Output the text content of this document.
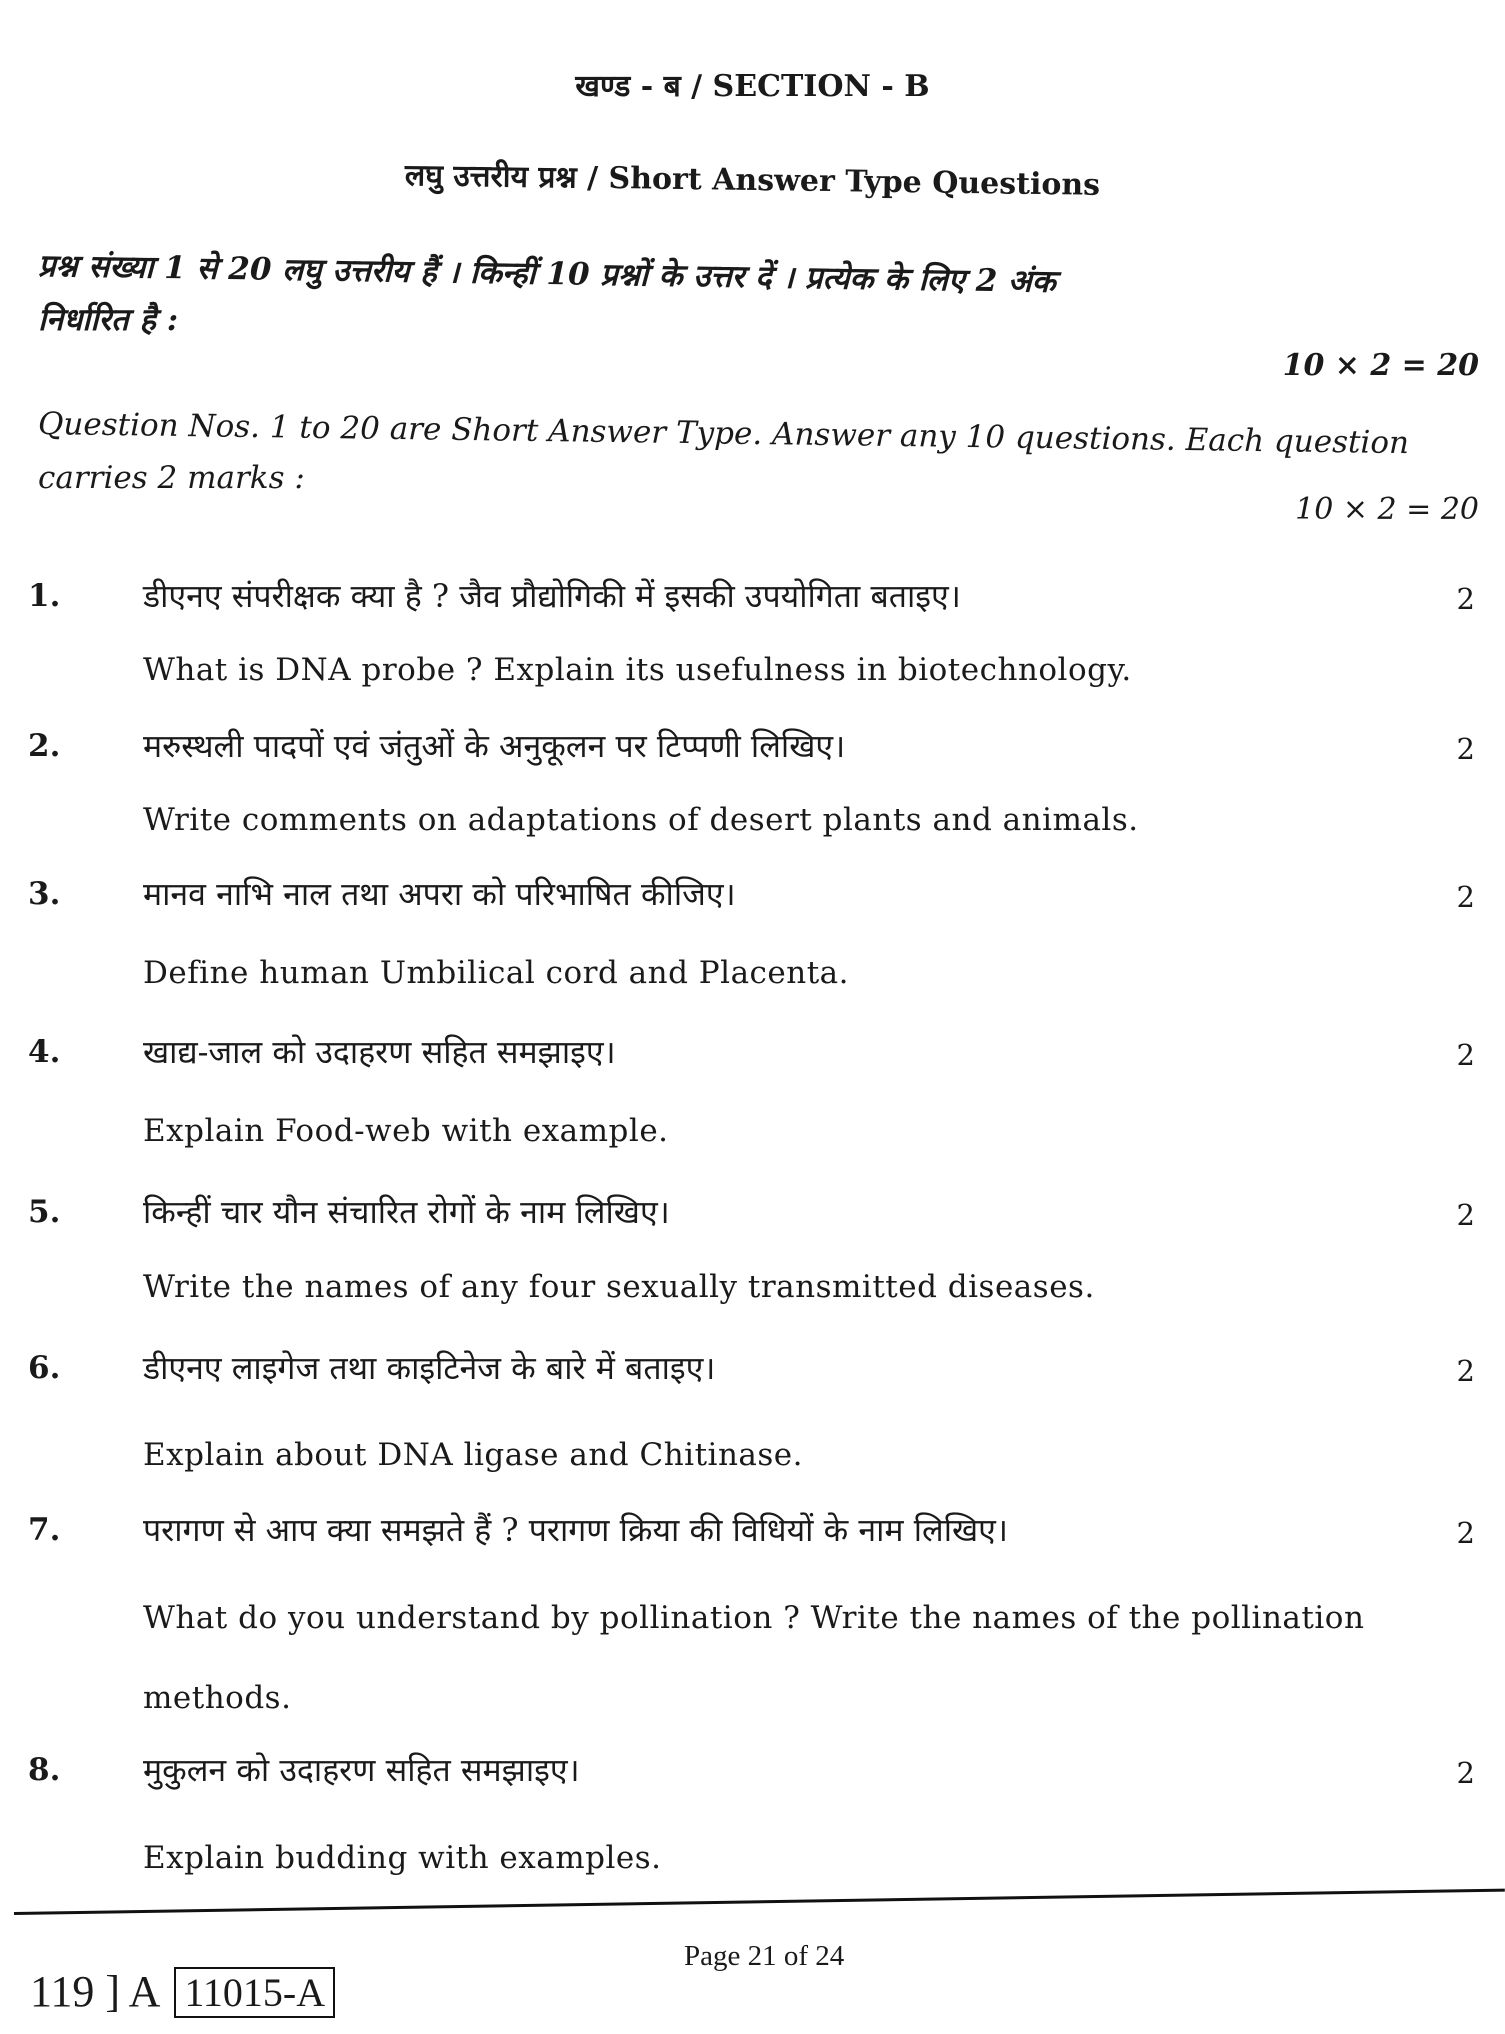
खण्ड - ब / SECTION - B
लघु उत्तरीय प्रश्न / Short Answer Type Questions
प्रश्न संख्या 1 से 20 लघु उत्तरीय हैं । किन्हीं 10 प्रश्नों के उत्तर दें । प्रत्येक के लिए 2 अंक
निर्धारित है :
10 × 2 = 20
Question Nos. 1 to 20 are Short Answer Type. Answer any 10 questions. Each question
carries 2 marks :
10 × 2 = 20
1.	डीएनए संपरीक्षक क्या है ? जैव प्रौद्योगिकी में इसकी उपयोगिता बताइए।	2
What is DNA probe ? Explain its usefulness in biotechnology.
2.	मरुस्थली पादपों एवं जंतुओं के अनुकूलन पर टिप्पणी लिखिए।	2
Write comments on adaptations of desert plants and animals.
3.	मानव नाभि नाल तथा अपरा को परिभाषित कीजिए।	2
Define human Umbilical cord and Placenta.
4.	खाद्य-जाल को उदाहरण सहित समझाइए।	2
Explain Food-web with example.
5.	किन्हीं चार यौन संचारित रोगों के नाम लिखिए।	2
Write the names of any four sexually transmitted diseases.
6.	डीएनए लाइगेज तथा काइटिनेज के बारे में बताइए।	2
Explain about DNA ligase and Chitinase.
7.	परागण से आप क्या समझते हैं ? परागण क्रिया की विधियों के नाम लिखिए।	2
What do you understand by pollination ? Write the names of the pollination
methods.
8.	मुकुलन को उदाहरण सहित समझाइए।	2
Explain budding with examples.
119 ] A 11015-A
Page 21 of 24
